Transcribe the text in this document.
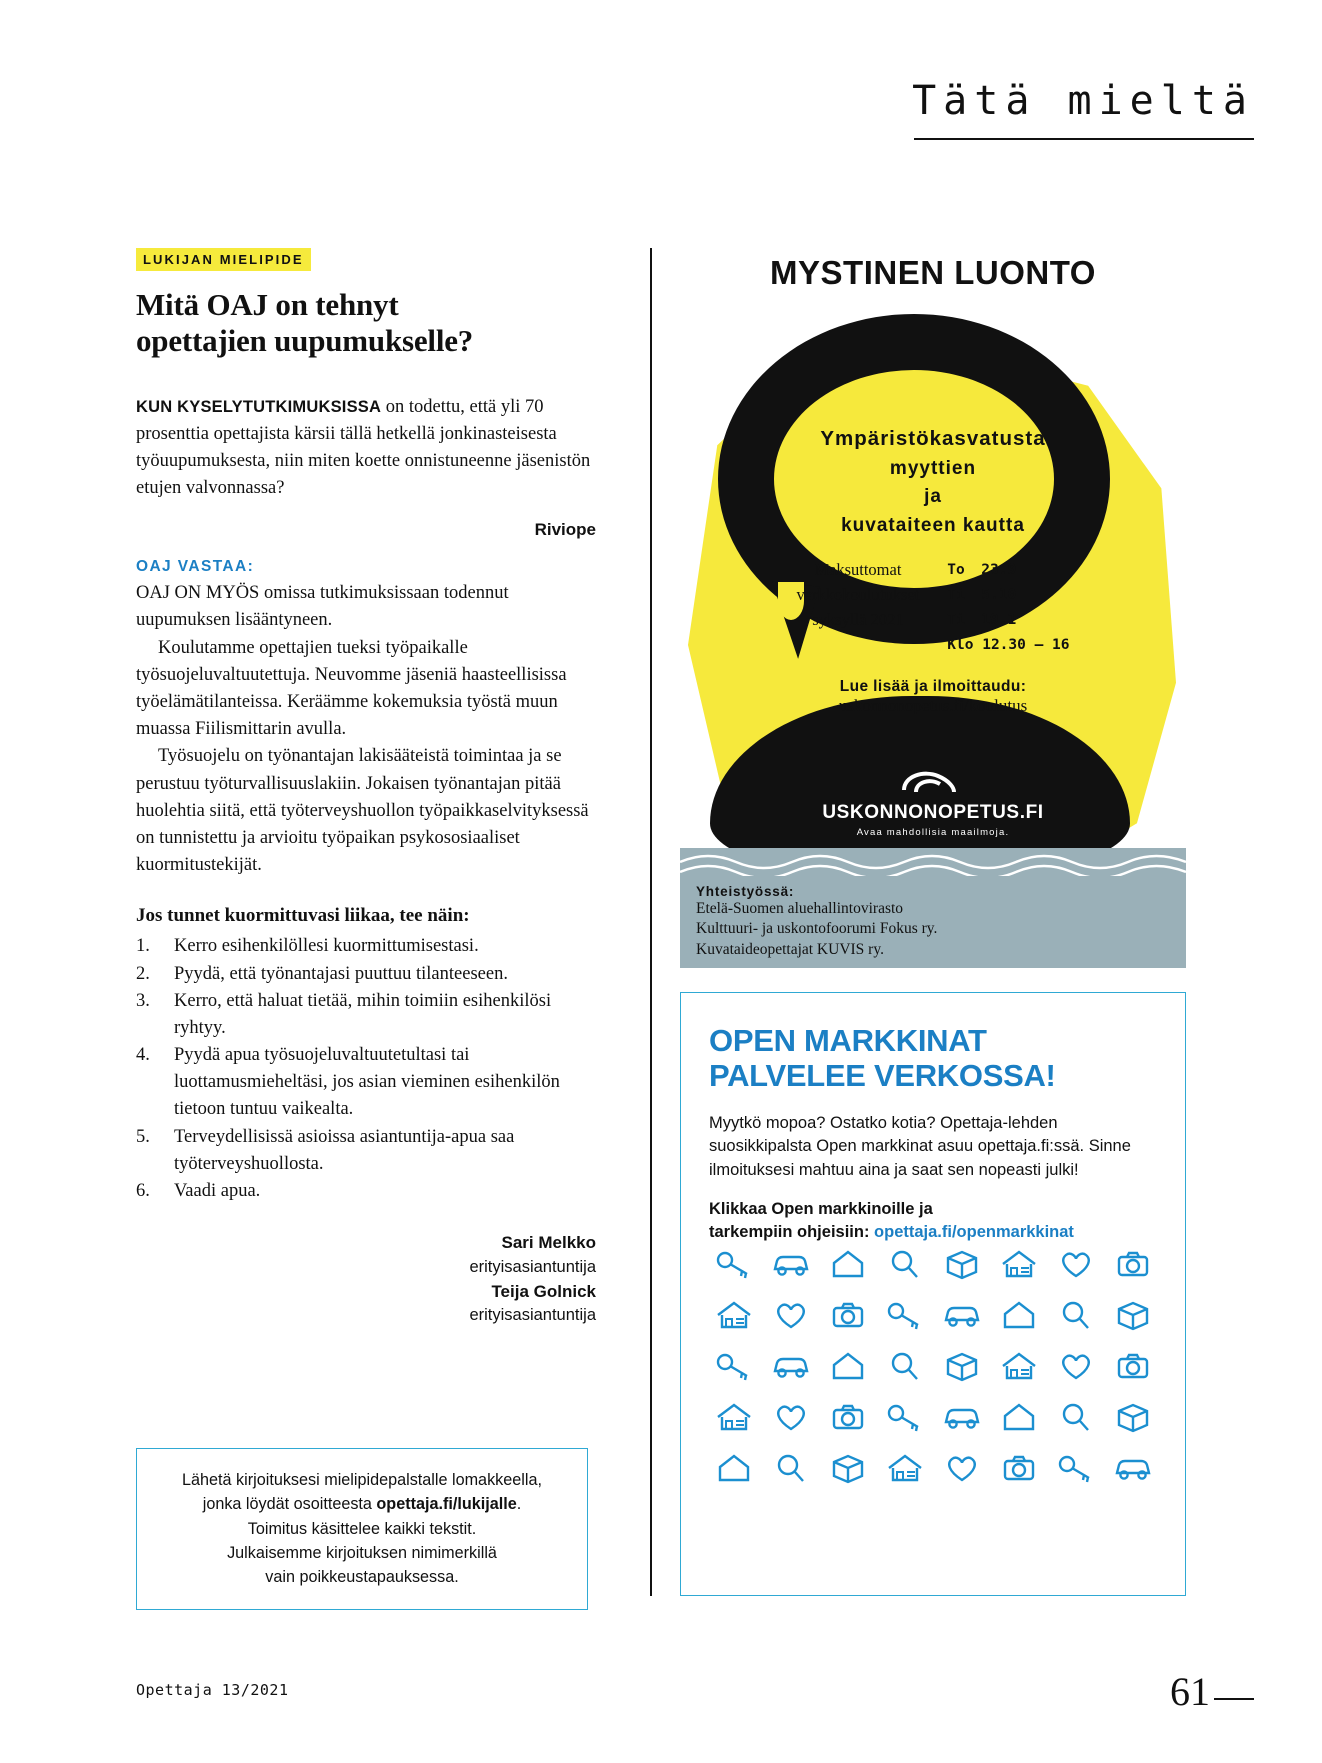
Tätä mieltä
LUKIJAN MIELIPIDE
Mitä OAJ on tehnyt
opettajien uupumukselle?
KUN KYSELYTUTKIMUKSISSA on todettu, että yli 70 prosenttia opettajista kärsii tällä hetkellä jonkinasteisesta työuupumuksesta, niin miten koette onnistuneenne jäsenistön etujen valvonnassa?
Riviope
OAJ VASTAA:

OAJ ON MYÖS omissa tutkimuksissaan todennut uupumuksen lisääntyneen.

Koulutamme opettajien tueksi työpaikalle työsuojeluvaltuutettuja. Neuvomme jäseniä haasteellisissa työelämätilanteissa. Keräämme kokemuksia työstä muun muassa Fiilismittarin avulla.

Työsuojelu on työnantajan lakisääteistä toimintaa ja se perustuu työturvallisuuslakiin. Jokaisen työnantajan pitää huolehtia siitä, että työterveyshuollon työpaikkaselvityksessä on tunnistettu ja arvioitu työpaikan psykososiaaliset kuormitustekijät.

Jos tunnet kuormittuvasi liikaa, tee näin:
1.	Kerro esihenkilöllesi kuormittumisestasi.
2.	Pyydä, että työnantajasi puuttuu tilanteeseen.
3.	Kerro, että haluat tietää, mihin toimiin esihenkilösi ryhtyy.
4.	Pyydä apua työsuojeluvaltuutetultasi tai luottamusmieheltäsi, jos asian vieminen esihenkilön tietoon tuntuu vaikealta.
5.	Terveydellisissä asioissa asiantuntija-apua saa työterveyshuollosta.
6.	Vaadi apua.
Sari Melkko
erityisasiantuntija
Teija Golnick
erityisasiantuntija
Lähetä kirjoituksesi mielipidepalstalle lomakkeella,
jonka löydät osoitteesta opettaja.fi/lukijalle.
Toimitus käsittelee kaikki tekstit.
Julkaisemme kirjoituksen nimimerkillä
vain poikkeustapauksessa.
MYSTINEN LUONTO
Ympäristökasvatusta
myyttien
ja
kuvataiteen kautta
Maksuttomat
verkkokoulutukset
syksyllä 2021
To 23.9
Ti 5.10
Ti 19.1
Klo 12.30 – 16
Lue lisää ja ilmoittaudu:
uskonnonopetus.fi/koulutus
USKONNONOPETUS.FI
Avaa mahdollisia maailmoja.
Yhteistyössä:
Etelä-Suomen aluehallintovirasto
Kulttuuri- ja uskontofoorumi Fokus ry.
Kuvataideopettajat KUVIS ry.
OPEN MARKKINAT
PALVELEE VERKOSSA!
Myytkö mopoa? Ostatko kotia? Opettaja-lehden suosikkipalsta Open markkinat asuu opettaja.fi:ssä. Sinne ilmoituksesi mahtuu aina ja saat sen nopeasti julki!
Klikkaa Open markkinoille ja
tarkempiin ohjeisiin: opettaja.fi/openmarkkinat
Opettaja 13/2021	61
